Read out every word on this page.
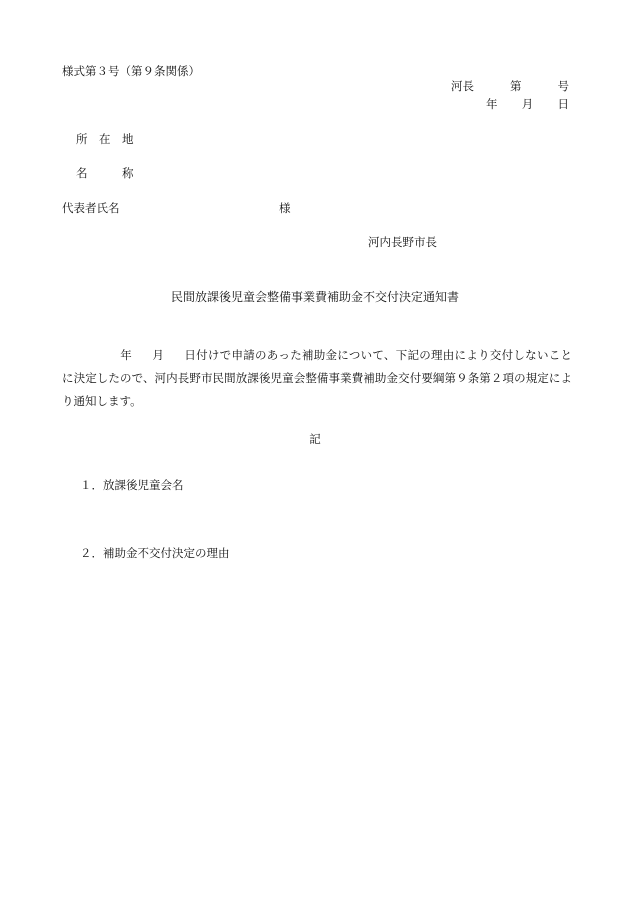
様式第３号（第９条関係）
河長	第	号
年 月 日
所　在　地
名　　　称
代表者氏名	様
河内長野市長
民間放課後児童会整備事業費補助金不交付決定通知書
年 月 日付けで申請のあった補助金について、下記の理由により交付しないことに決定したので、河内長野市民間放課後児童会整備事業費補助金交付要綱第９条第２項の規定により通知します。
記
１．放課後児童会名
２．補助金不交付決定の理由
